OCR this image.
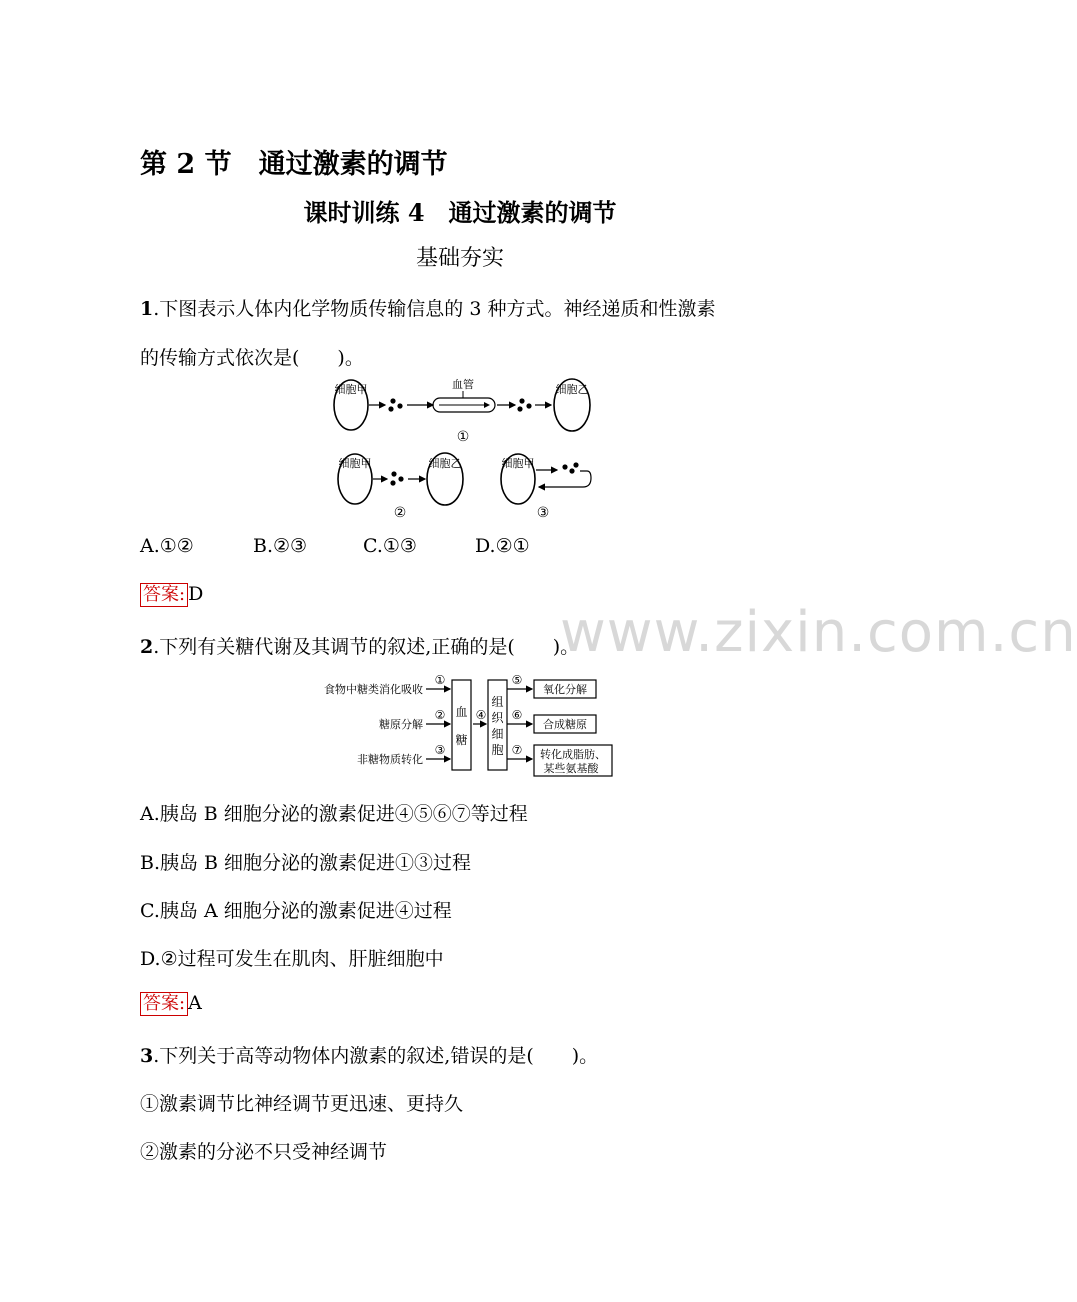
第 2 节　通过激素的调节
课时训练 4　通过激素的调节
基础夯实
www.zixin.com.cn
1.下图表示人体内化学物质传输信息的 3 种方式。神经递质和性激素
的传输方式依次是(　　)。
细胞甲	血管	细胞乙
①
细胞甲	细胞乙
②
细胞甲
③
A.①②	B.②③	C.①③	D.②①
答案: D
2.下列有关糖代谢及其调节的叙述,正确的是(　　)。
食物中糖类消化吸收
糖原分解
非糖物质转化
①
②
③
血糖
④
组织细胞
⑤
⑥
⑦
氧化分解
合成糖原
转化成脂肪、某些氨基酸
A.胰岛 B 细胞分泌的激素促进④⑤⑥⑦等过程
B.胰岛 B 细胞分泌的激素促进①③过程
C.胰岛 A 细胞分泌的激素促进④过程
D.②过程可发生在肌肉、肝脏细胞中
答案: A
3.下列关于高等动物体内激素的叙述,错误的是(　　)。
①激素调节比神经调节更迅速、更持久
②激素的分泌不只受神经调节
